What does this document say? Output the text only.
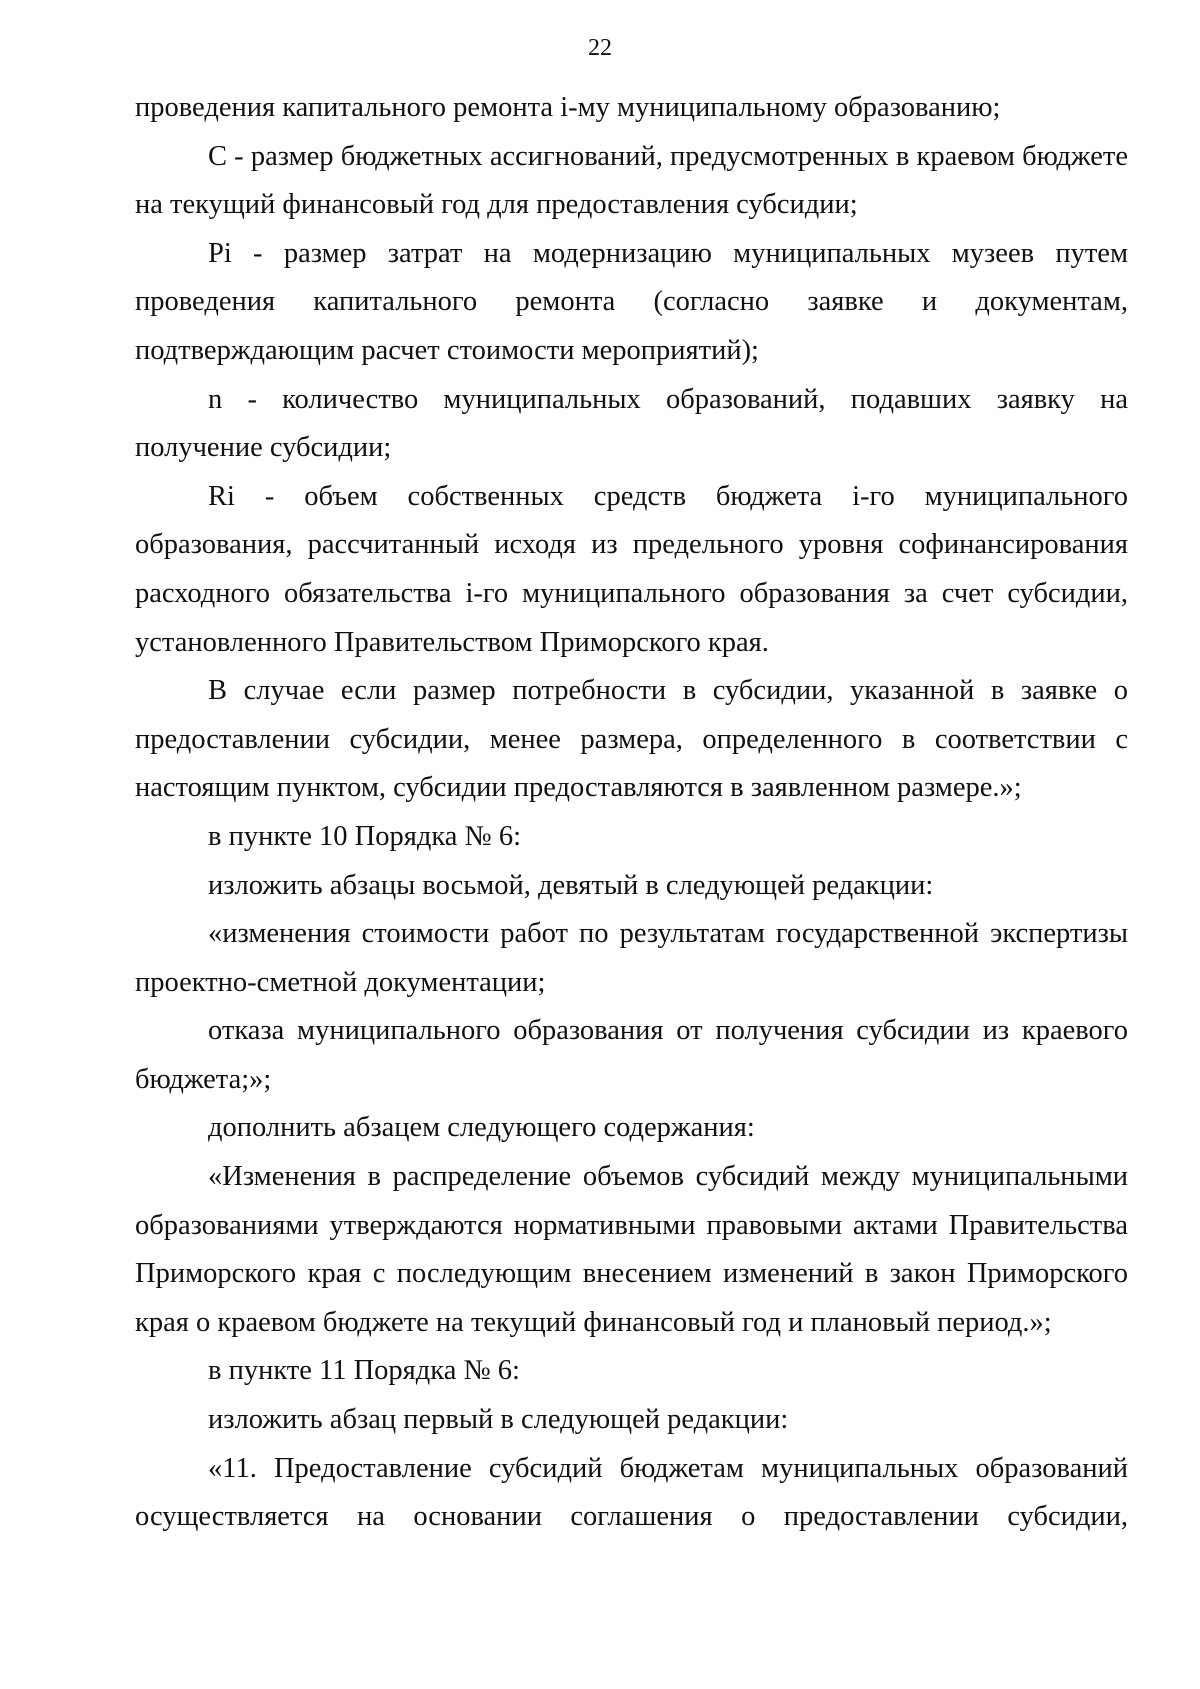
22

проведения капитального ремонта i-му муниципальному образованию;

С - размер бюджетных ассигнований, предусмотренных в краевом бюджете на текущий финансовый год для предоставления субсидии;

Pi - размер затрат на модернизацию муниципальных музеев путем проведения капитального ремонта (согласно заявке и документам, подтверждающим расчет стоимости мероприятий);

n - количество муниципальных образований, подавших заявку на получение субсидии;

Ri - объем собственных средств бюджета i-го муниципального образования, рассчитанный исходя из предельного уровня софинансирования расходного обязательства i-го муниципального образования за счет субсидии, установленного Правительством Приморского края.

В случае если размер потребности в субсидии, указанной в заявке о предоставлении субсидии, менее размера, определенного в соответствии с настоящим пунктом, субсидии предоставляются в заявленном размере.»;

в пункте 10 Порядка № 6:

изложить абзацы восьмой, девятый в следующей редакции:

«изменения стоимости работ по результатам государственной экспертизы проектно-сметной документации;

отказа муниципального образования от получения субсидии из краевого бюджета;»;

дополнить абзацем следующего содержания:

«Изменения в распределение объемов субсидий между муниципальными образованиями утверждаются нормативными правовыми актами Правительства Приморского края с последующим внесением изменений в закон Приморского края о краевом бюджете на текущий финансовый год и плановый период.»;

в пункте 11 Порядка № 6:

изложить абзац первый в следующей редакции:

«11. Предоставление субсидий бюджетам муниципальных образований осуществляется на основании соглашения о предоставлении субсидии,
